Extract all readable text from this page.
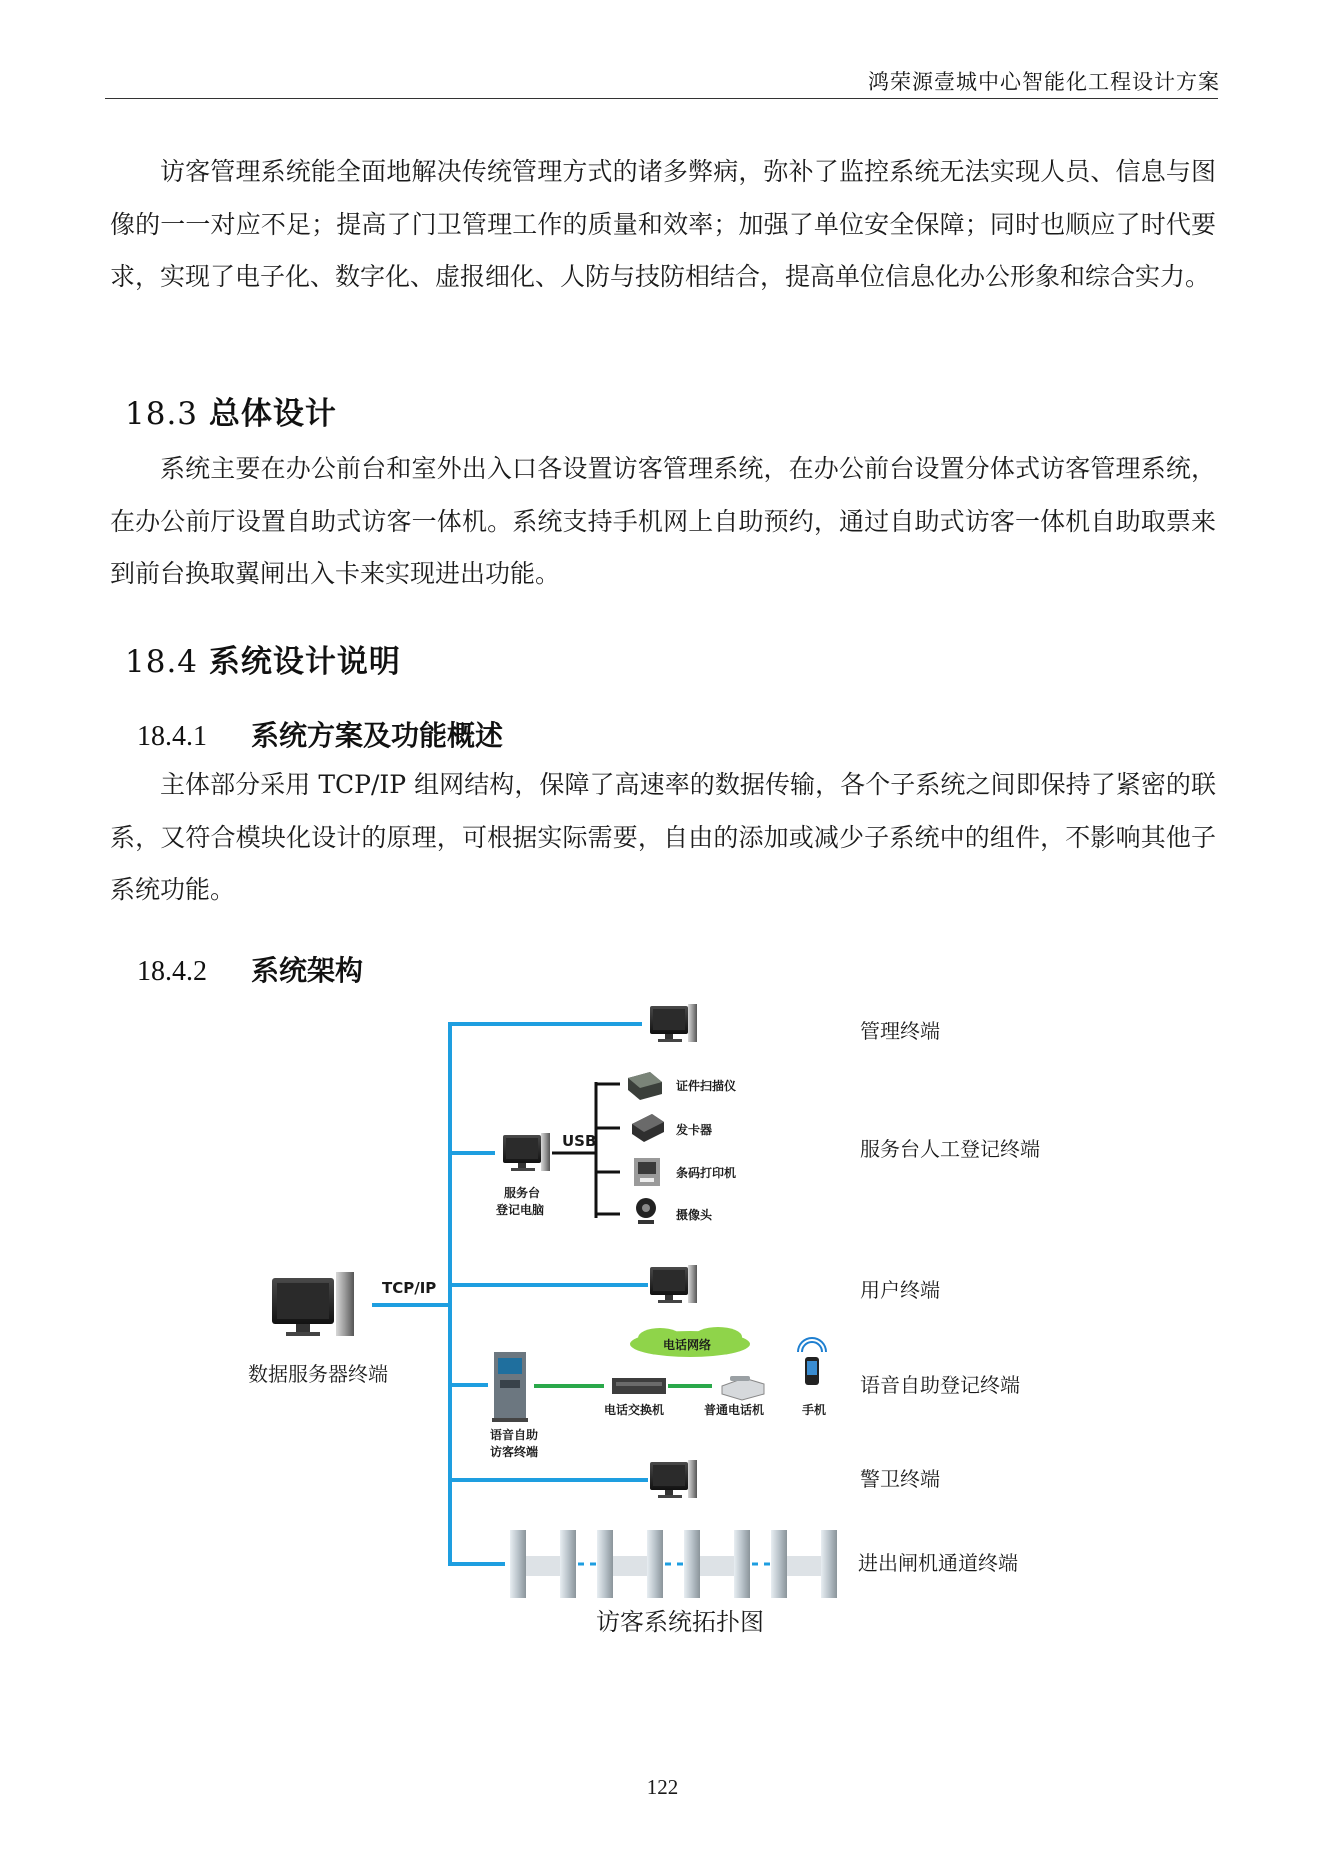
鸿荣源壹城中心智能化工程设计方案

访客管理系统能全面地解决传统管理方式的诸多弊病，弥补了监控系统无法实现人员、信息与图像的一一对应不足；提高了门卫管理工作的质量和效率；加强了单位安全保障；同时也顺应了时代要求，实现了电子化、数字化、虚报细化、人防与技防相结合，提高单位信息化办公形象和综合实力。

18.3 总体设计

系统主要在办公前台和室外出入口各设置访客管理系统，在办公前台设置分体式访客管理系统，在办公前厅设置自助式访客一体机。系统支持手机网上自助预约，通过自助式访客一体机自助取票来到前台换取翼闸出入卡来实现进出功能。

18.4 系统设计说明
18.4.1 系统方案及功能概述

主体部分采用 TCP/IP 组网结构，保障了高速率的数据传输，各个子系统之间即保持了紧密的联系，又符合模块化设计的原理，可根据实际需要，自由的添加或减少子系统中的组件，不影响其他子系统功能。

18.4.2 系统架构
TCP/IP
数据服务器终端
管理终端
服务台
登记电脑
USB
证件扫描仪
发卡器
条码打印机
摄像头
服务台人工登记终端
用户终端
语音自助
访客终端
电话网络
电话交换机	普通电话机	手机
语音自助登记终端
警卫终端
进出闸机通道终端
访客系统拓扑图
122
